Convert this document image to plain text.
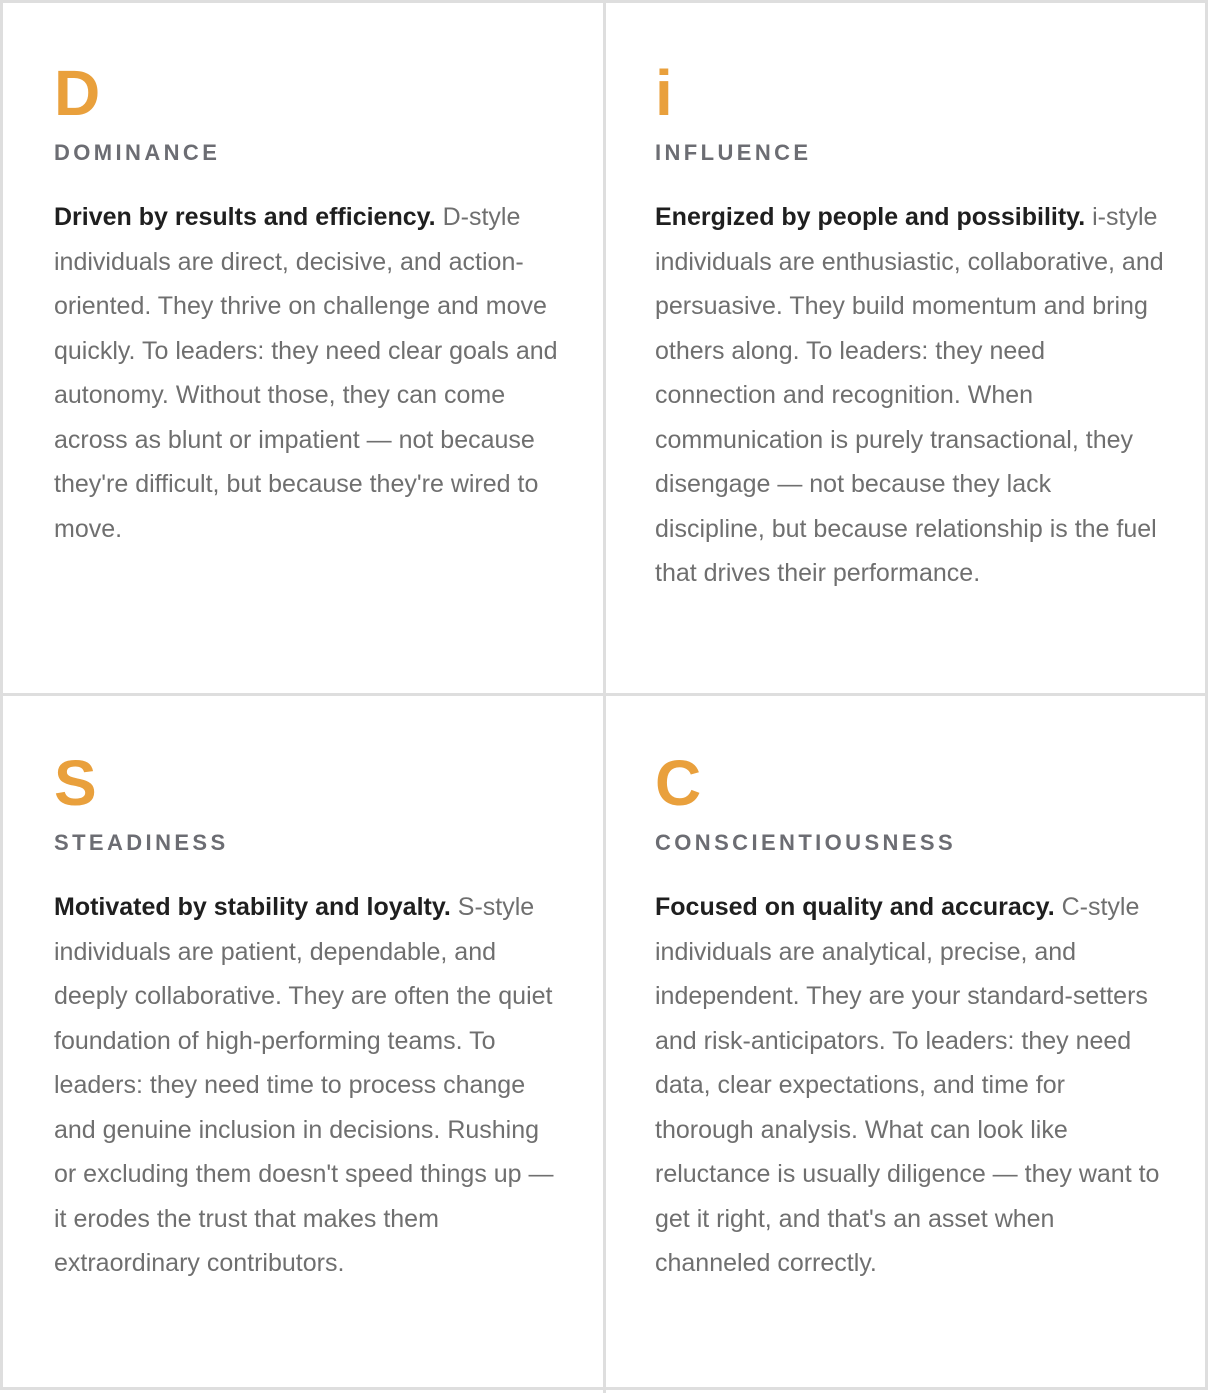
D
DOMINANCE
Driven by results and efficiency. D-style individuals are direct, decisive, and action-oriented. They thrive on challenge and move quickly. To leaders: they need clear goals and autonomy. Without those, they can come across as blunt or impatient — not because they're difficult, but because they're wired to move.
i
INFLUENCE
Energized by people and possibility. i-style individuals are enthusiastic, collaborative, and persuasive. They build momentum and bring others along. To leaders: they need connection and recognition. When communication is purely transactional, they disengage — not because they lack discipline, but because relationship is the fuel that drives their performance.
S
STEADINESS
Motivated by stability and loyalty. S-style individuals are patient, dependable, and deeply collaborative. They are often the quiet foundation of high-performing teams. To leaders: they need time to process change and genuine inclusion in decisions. Rushing or excluding them doesn't speed things up — it erodes the trust that makes them extraordinary contributors.
C
CONSCIENTIOUSNESS
Focused on quality and accuracy. C-style individuals are analytical, precise, and independent. They are your standard-setters and risk-anticipators. To leaders: they need data, clear expectations, and time for thorough analysis. What can look like reluctance is usually diligence — they want to get it right, and that's an asset when channeled correctly.
